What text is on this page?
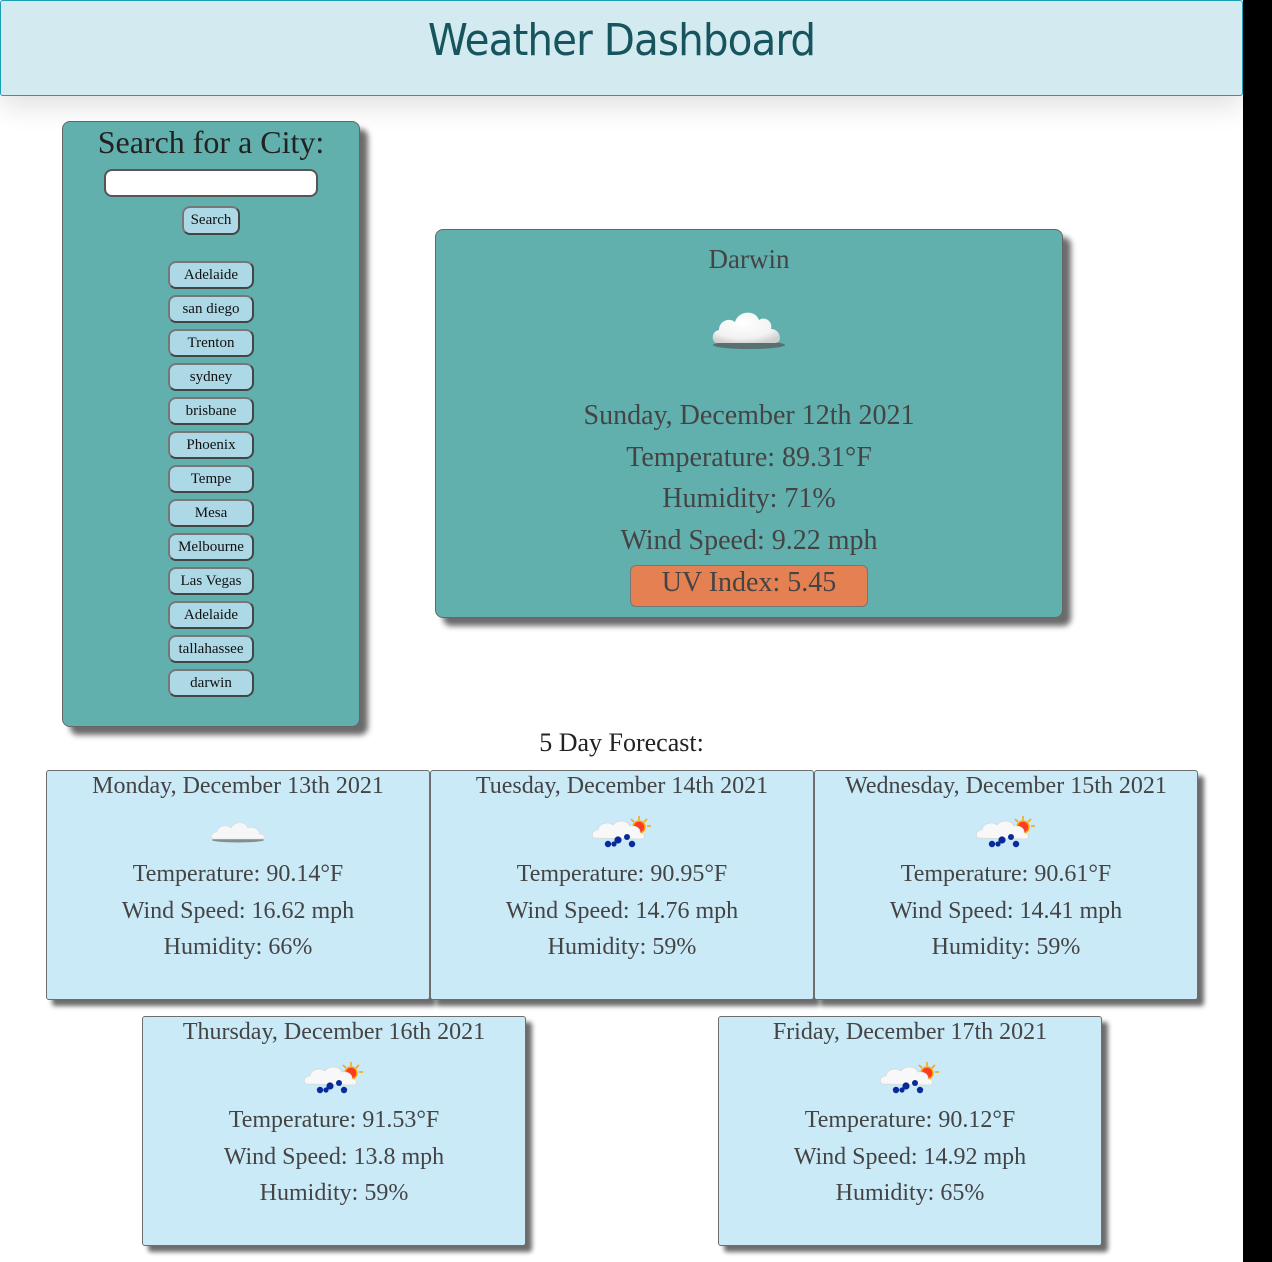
Weather Dashboard
Search for a City:
Search
Adelaide
san diego
Trenton
sydney
brisbane
Phoenix
Tempe
Mesa
Melbourne
Las Vegas
Adelaide
tallahassee
darwin
Darwin
Sunday, December 12th 2021
Temperature: 89.31°F
Humidity: 71%
Wind Speed: 9.22 mph
UV Index: 5.45
5 Day Forecast:
Monday, December 13th 2021
Temperature: 90.14°F
Wind Speed: 16.62 mph
Humidity: 66%
Tuesday, December 14th 2021
Temperature: 90.95°F
Wind Speed: 14.76 mph
Humidity: 59%
Wednesday, December 15th 2021
Temperature: 90.61°F
Wind Speed: 14.41 mph
Humidity: 59%
Thursday, December 16th 2021
Temperature: 91.53°F
Wind Speed: 13.8 mph
Humidity: 59%
Friday, December 17th 2021
Temperature: 90.12°F
Wind Speed: 14.92 mph
Humidity: 65%
